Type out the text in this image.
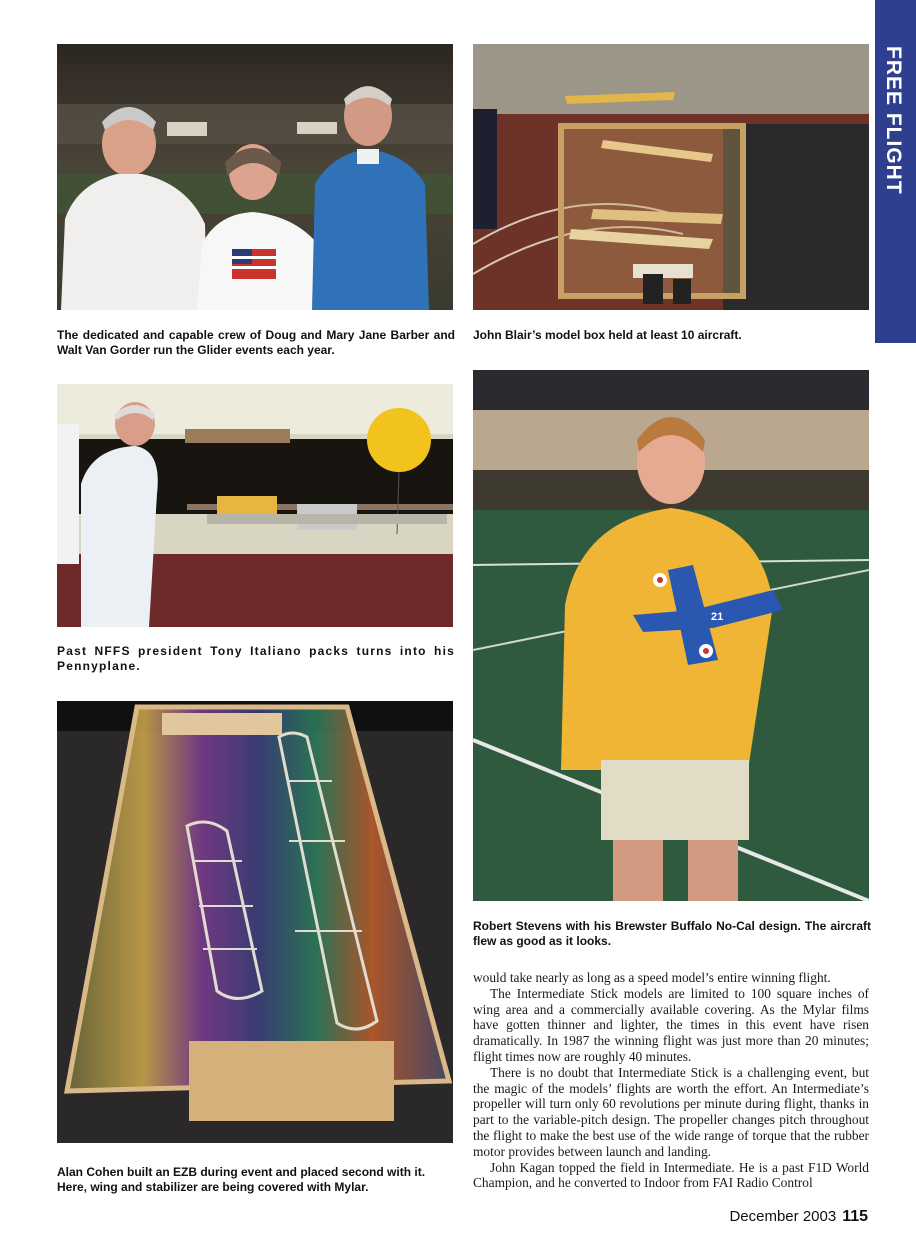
FREE FLIGHT
The dedicated and capable crew of Doug and Mary Jane Barber and Walt Van Gorder run the Glider events each year.
John Blair’s model box held at least 10 aircraft.
Past NFFS president Tony Italiano packs turns into his Pennyplane.
21
Robert Stevens with his Brewster Buffalo No-Cal design. The aircraft flew as good as it looks.
Alan Cohen built an EZB during event and placed second with it. Here, wing and stabilizer are being covered with Mylar.

would take nearly as long as a speed model’s entire winning flight.

The Intermediate Stick models are limited to 100 square inches of wing area and a commercially available covering. As the Mylar films have gotten thinner and lighter, the times in this event have risen dramatically. In 1987 the winning flight was just more than 20 minutes; flight times now are roughly 40 minutes.

There is no doubt that Intermediate Stick is a challenging event, but the magic of the models’ flights are worth the effort. An Intermediate’s propeller will turn only 60 revolutions per minute during flight, thanks in part to the variable-pitch design. The propeller changes pitch throughout the flight to make the best use of the wide range of torque that the rubber motor provides between launch and landing.

John Kagan topped the field in Intermediate. He is a past F1D World Champion, and he converted to Indoor from FAI Radio Control

December 2003 115
